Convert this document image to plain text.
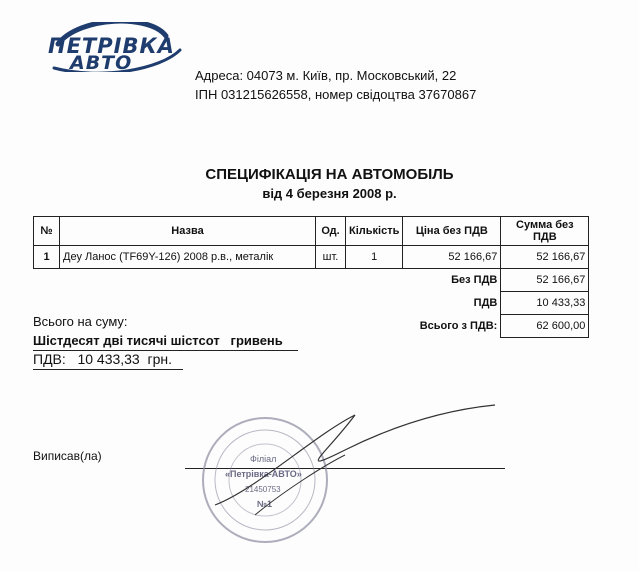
ПЕТРІВКА
АВТО
Адреса: 04073 м. Київ, пр. Московський, 22
ІПН 031215626558, номер свідоцтва 37670867
СПЕЦИФІКАЦІЯ НА АВТОМОБІЛЬ
від 4 березня 2008 р.
№	Назва	Од.	Кількість	Ціна без ПДВ	Сумма без ПДВ
1	Деу Ланос (TF69Y-126) 2008 р.в., металік	шт.	1	52 166,67	52 166,67
				Без ПДВ	52 166,67
				ПДВ	10 433,33
				Всього з ПДВ:	62 600,00
Всього на суму:
Шістдесят дві тисячі шістсот   гривень
ПДВ:   10 433,33  грн.
Виписав(ла)	Філіал
«Петрівка-АВТО»
21450753
№1
